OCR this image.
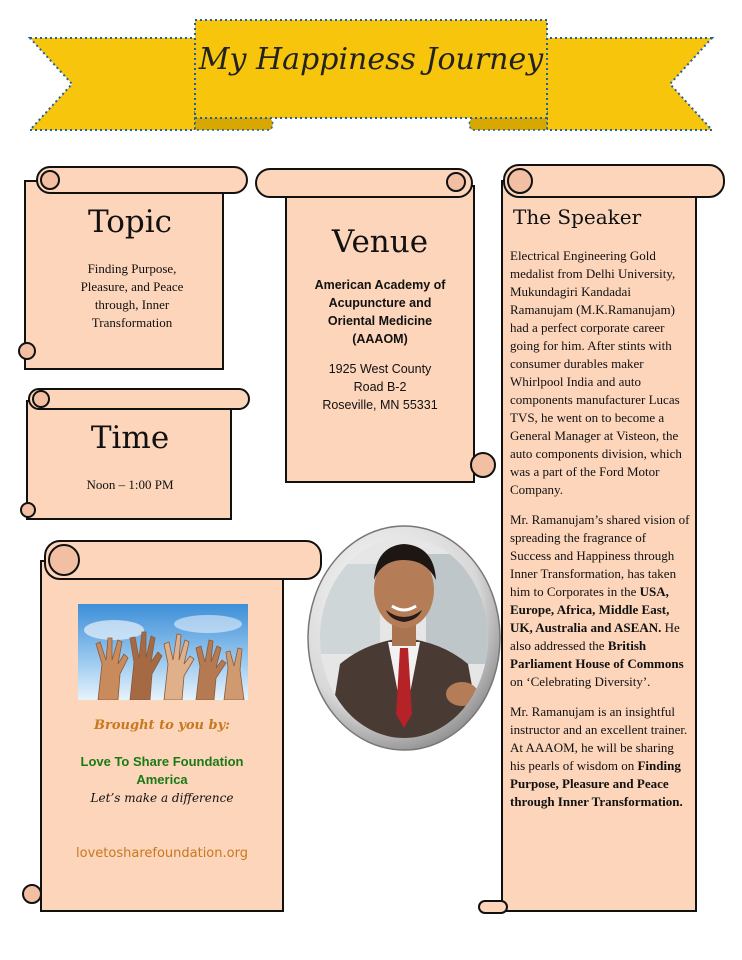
My Happiness Journey
Topic
Finding Purpose, Pleasure, and Peace through, Inner Transformation
Venue
American Academy of Acupuncture and Oriental Medicine (AAAOM)
1925 West County Road B-2
Roseville, MN 55331
Time
Noon – 1:00 PM
Brought to you by:
Love To Share Foundation
America
Let’s make a difference
lovetosharefoundation.org
The Speaker

Electrical Engineering Gold medalist from Delhi University, Mukundagiri Kandadai Ramanujam (M.K.Ramanujam) had a perfect corporate career going for him. After stints with consumer durables maker Whirlpool India and auto components manufacturer Lucas TVS, he went on to become a General Manager at Visteon, the auto components division, which was a part of the Ford Motor Company.

Mr. Ramanujam’s shared vision of spreading the fragrance of Success and Happiness through Inner Transformation, has taken him to Corporates in the USA, Europe, Africa, Middle East, UK, Australia and ASEAN. He also addressed the British Parliament House of Commons on ‘Celebrating Diversity’.

Mr. Ramanujam is an insightful instructor and an excellent trainer. At AAAOM, he will be sharing his pearls of wisdom on Finding Purpose, Pleasure and Peace through Inner Transformation.
